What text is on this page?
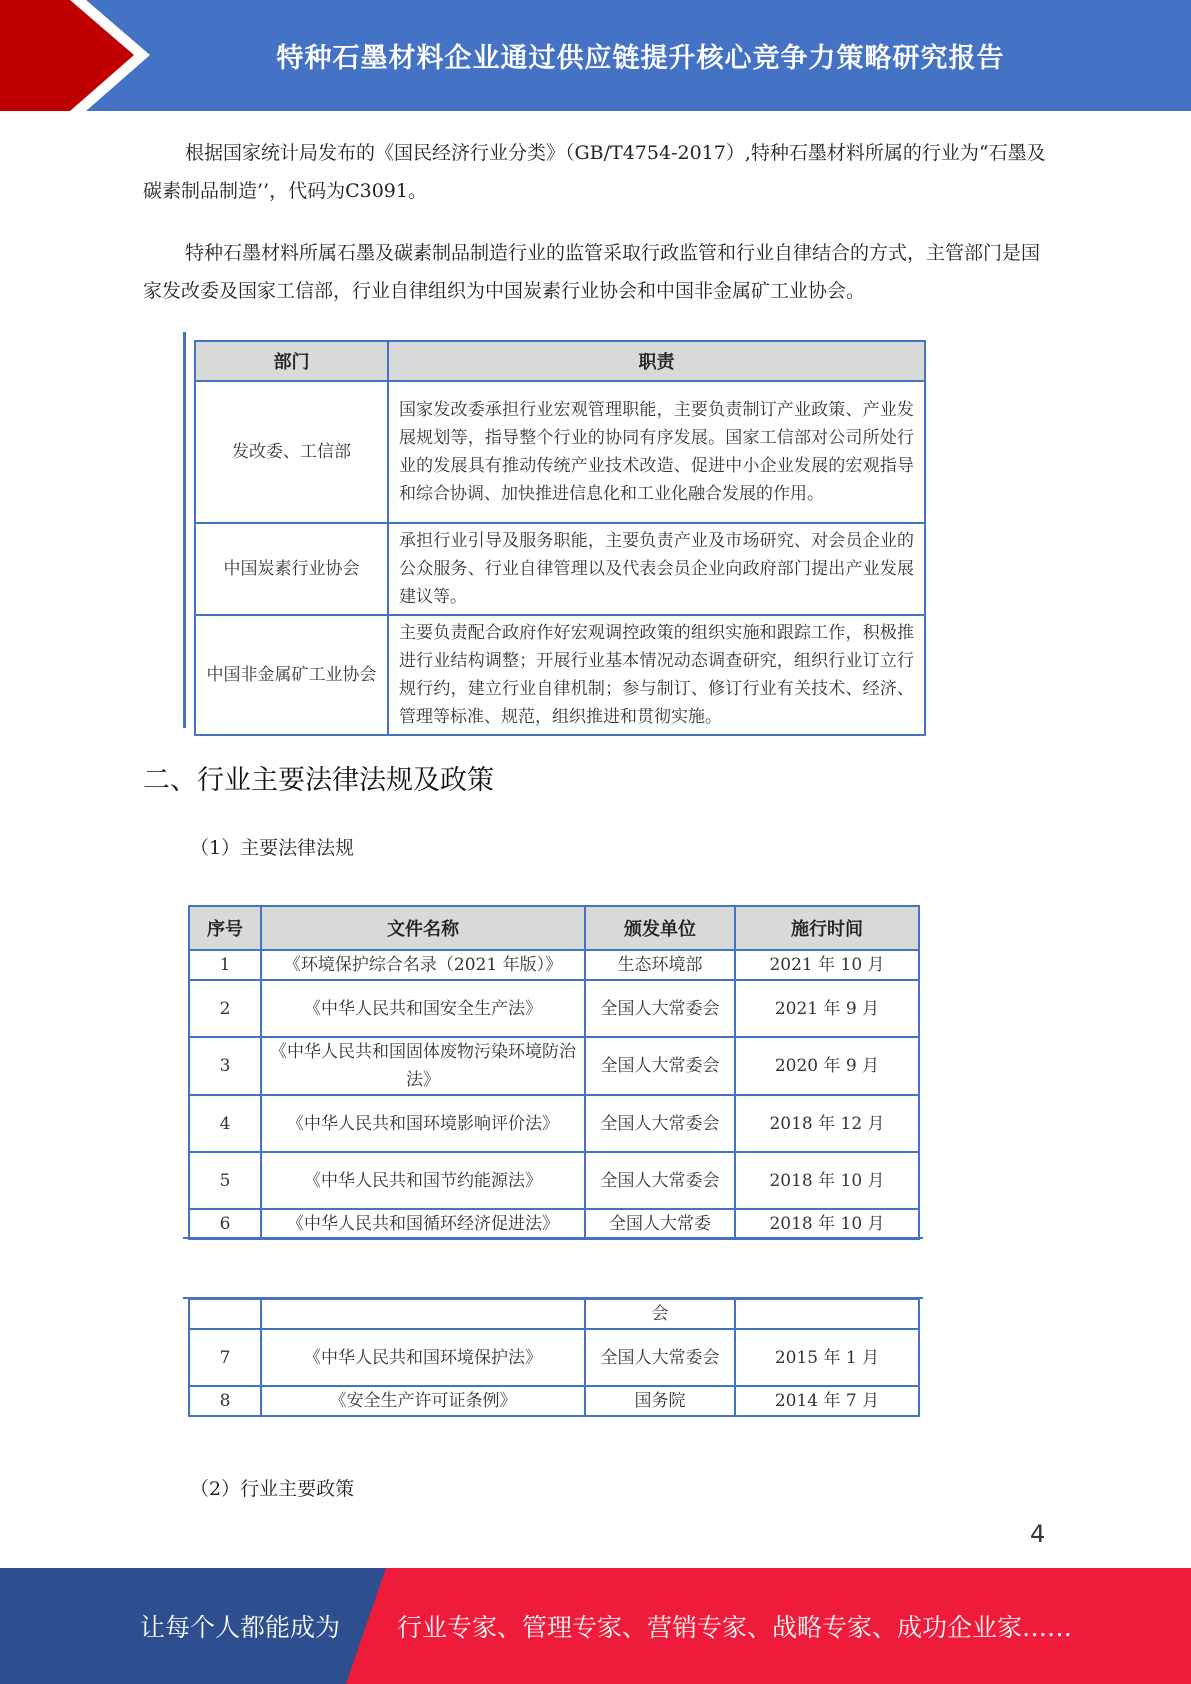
特种石墨材料企业通过供应链提升核心竞争力策略研究报告

根据国家统计局发布的《国民经济行业分类》（GB/T4754-2017）,特种石墨材料所属的行业为“石墨及碳素制品制造’’，代码为C3091。

特种石墨材料所属石墨及碳素制品制造行业的监管采取行政监管和行业自律结合的方式，主管部门是国家发改委及国家工信部，行业自律组织为中国炭素行业协会和中国非金属矿工业协会。

部门	职责
发改委、工信部	国家发改委承担行业宏观管理职能，主要负责制订产业政策、产业发展规划等，指导整个行业的协同有序发展。国家工信部对公司所处行业的发展具有推动传统产业技术改造、促进中小企业发展的宏观指导和综合协调、加快推进信息化和工业化融合发展的作用。
中国炭素行业协会	承担行业引导及服务职能，主要负责产业及市场研究、对会员企业的公众服务、行业自律管理以及代表会员企业向政府部门提出产业发展建议等。
中国非金属矿工业协会	主要负责配合政府作好宏观调控政策的组织实施和跟踪工作，积极推进行业结构调整；开展行业基本情况动态调查研究，组织行业订立行规行约，建立行业自律机制；参与制订、修订行业有关技术、经济、管理等标准、规范，组织推进和贯彻实施。
二、行业主要法律法规及政策
（1）主要法律法规
序号	文件名称	颁发单位	施行时间
1	《环境保护综合名录（2021 年版）》	生态环境部	2021 年 10 月
2	《中华人民共和国安全生产法》	全国人大常委会	2021 年 9 月
3	《中华人民共和国固体废物污染环境防治法》	全国人大常委会	2020 年 9 月
4	《中华人民共和国环境影响评价法》	全国人大常委会	2018 年 12 月
5	《中华人民共和国节约能源法》	全国人大常委会	2018 年 10 月
6	《中华人民共和国循环经济促进法》	全国人大常委	2018 年 10 月
		会	
7	《中华人民共和国环境保护法》	全国人大常委会	2015 年 1 月
8	《安全生产许可证条例》	国务院	2014 年 7 月
（2）行业主要政策
4
让每个人都能成为 行业专家、管理专家、营销专家、战略专家、成功企业家……
